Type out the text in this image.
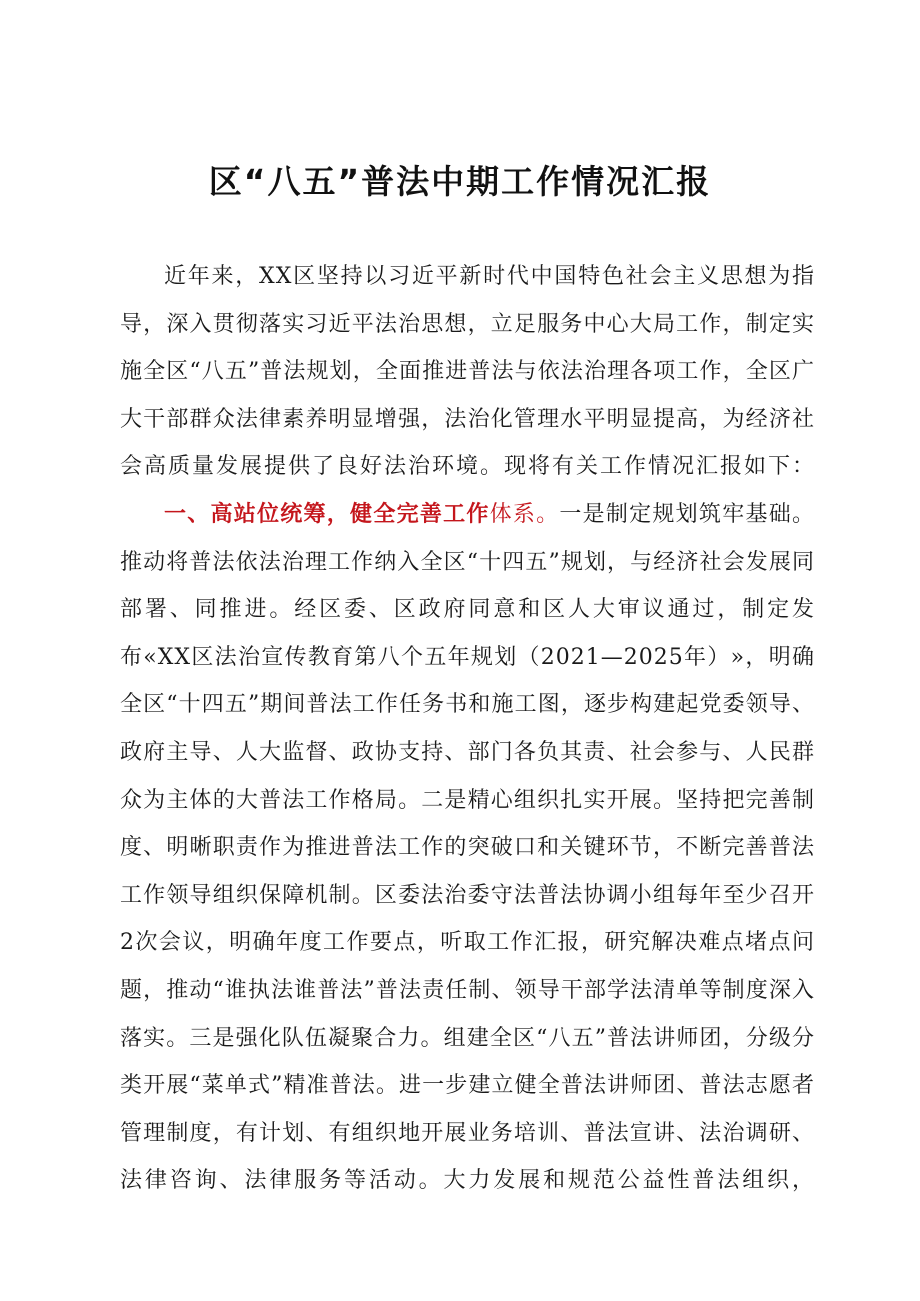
区“八五”普法中期工作情况汇报

近年来，XX区坚持以习近平新时代中国特色社会主义思想为指导，深入贯彻落实习近平法治思想，立足服务中心大局工作，制定实施全区“八五”普法规划，全面推进普法与依法治理各项工作，全区广大干部群众法律素养明显增强，法治化管理水平明显提高，为经济社会高质量发展提供了良好法治环境。现将有关工作情况汇报如下：

一、高站位统筹，健全完善工作体系。一是制定规划筑牢基础。推动将普法依法治理工作纳入全区“十四五”规划，与经济社会发展同部署、同推进。经区委、区政府同意和区人大审议通过，制定发布«XX区法治宣传教育第八个五年规划（2021—2025年）»，明确全区“十四五”期间普法工作任务书和施工图，逐步构建起党委领导、政府主导、人大监督、政协支持、部门各负其责、社会参与、人民群众为主体的大普法工作格局。二是精心组织扎实开展。坚持把完善制度、明晰职责作为推进普法工作的突破口和关键环节，不断完善普法工作领导组织保障机制。区委法治委守法普法协调小组每年至少召开2次会议，明确年度工作要点，听取工作汇报，研究解决难点堵点问题，推动“谁执法谁普法”普法责任制、领导干部学法清单等制度深入落实。三是强化队伍凝聚合力。组建全区“八五”普法讲师团，分级分类开展“菜单式”精准普法。进一步建立健全普法讲师团、普法志愿者管理制度，有计划、有组织地开展业务培训、普法宣讲、法治调研、法律咨询、法律服务等活动。大力发展和规范公益性普法组织，
